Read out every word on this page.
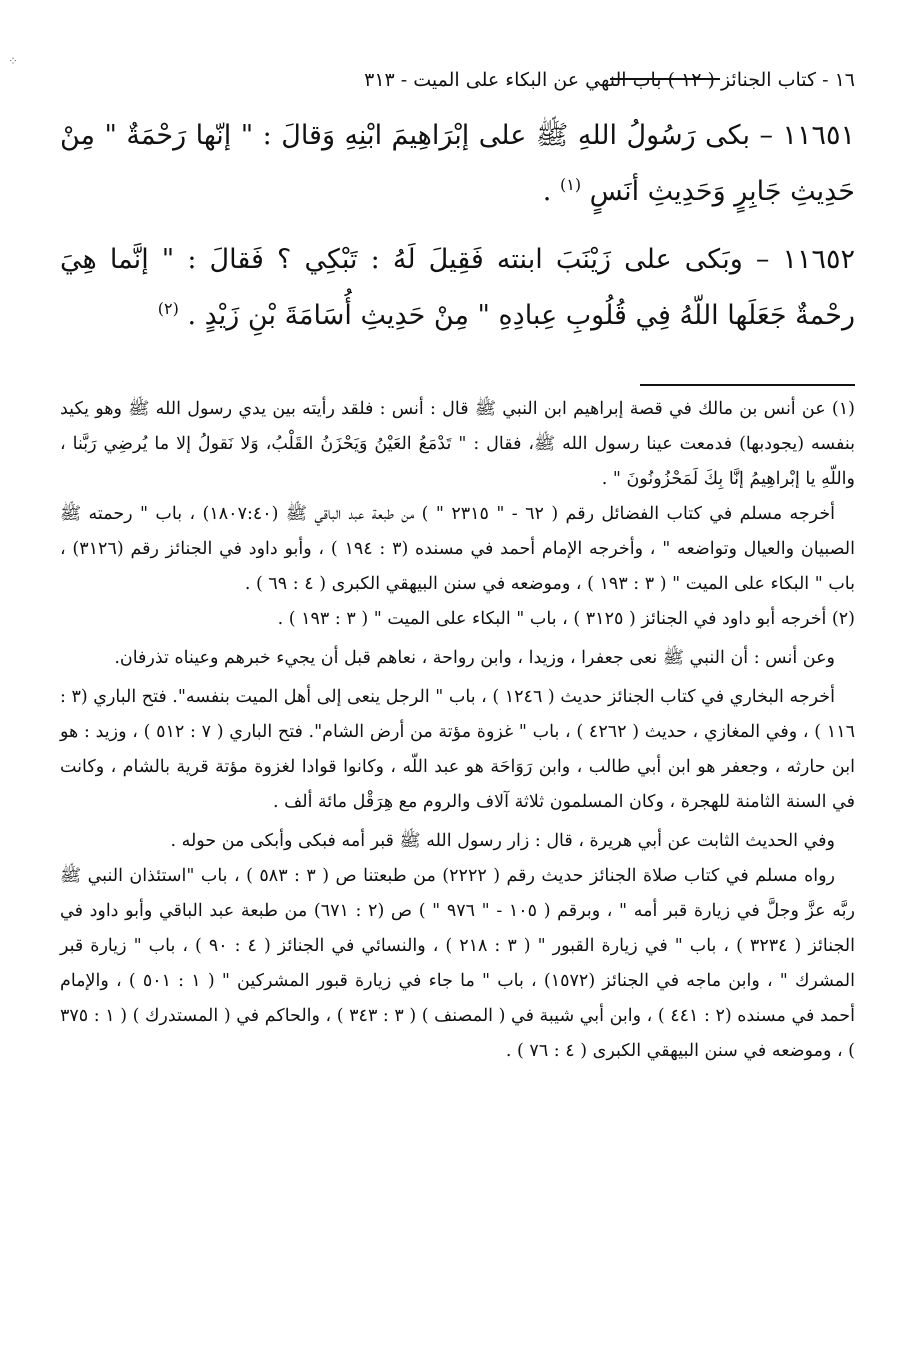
⁘
١٦ - كتاب الجنائز ( ١٢ ) باب النهي عن البكاء على الميت - ٣١٣

١١٦٥١ – بكى رَسُولُ اللهِ ﷺ على إبْرَاهِيمَ ابْنِهِ وَقالَ : " إنّها رَحْمَةٌ " مِنْ حَدِيثِ جَابِرٍ وَحَدِيثِ أنَسٍ $^{(١)}$ .

١١٦٥٢ – وبَكى على زَيْنَبَ ابنته فَقِيلَ لَهُ : تَبْكِي ؟ فَقالَ : " إنَّما هِيَ رحْمةٌ جَعَلَها اللّهُ فِي قُلُوبِ عِبادِهِ " مِنْ حَدِيثِ أُسَامَةَ بْنِ زَيْدٍ . $^{(٢)}$

(١) عن أنس بن مالك في قصة إبراهيم ابن النبي ﷺ قال : أنس : فلقد رأيته بين يدي رسول الله ﷺ وهو يكيد بنفسه (يجودبها) فدمعت عينا رسول الله ﷺ، فقال : " تَدْمَعُ العَيْنُ وَيَحْزَنُ القَلْبُ، وَلا نَقولُ إلا ما يُرضِي رَبَّنا ، واللّهِ يا إبْراهِيمُ إنَّا بِكَ لَمَحْزُونُونَ " .

أخرجه مسلم في كتاب الفضائل رقم ( ٦٢ - " ٢٣١٥ " ) من طبعة عبد الباقي ﷺ (١٨٠٧:٤٠) ، باب " رحمته ﷺ الصبيان والعيال وتواضعه " ، وأخرجه الإمام أحمد في مسنده (٣ : ١٩٤ ) ، وأبو داود في الجنائز رقم (٣١٢٦) ، باب " البكاء على الميت " ( ٣ : ١٩٣ ) ، وموضعه في سنن البيهقي الكبرى ( ٤ : ٦٩ ) .

(٢) أخرجه أبو داود في الجنائز ( ٣١٢٥ ) ، باب " البكاء على الميت " ( ٣ : ١٩٣ ) .

وعن أنس : أن النبي ﷺ نعى جعفرا ، وزيدا ، وابن رواحة ، نعاهم قبل أن يجيء خبرهم وعيناه تذرفان.

أخرجه البخاري في كتاب الجنائز حديث ( ١٢٤٦ ) ، باب " الرجل ينعى إلى أهل الميت بنفسه". فتح الباري (٣ : ١١٦ ) ، وفي المغازي ، حديث ( ٤٢٦٢ ) ، باب " غزوة مؤتة من أرض الشام". فتح الباري ( ٧ : ٥١٢ ) ، وزيد : هو ابن حارثه ، وجعفر هو ابن أبي طالب ، وابن رَوَاحَة هو عبد اللّه ، وكانوا قوادا لغزوة مؤتة قرية بالشام ، وكانت في السنة الثامنة للهجرة ، وكان المسلمون ثلاثة آلاف والروم مع هِرَقْل مائة ألف .

وفي الحديث الثابت عن أبي هريرة ، قال : زار رسول الله ﷺ قبر أمه فبكى وأبكى من حوله .

رواه مسلم في كتاب صلاة الجنائز حديث رقم ( ٢٢٢٢) من طبعتنا ص ( ٣ : ٥٨٣ ) ، باب "استئذان النبي ﷺ ربَّه عزَّ وجلَّ في زيارة قبر أمه " ، وبرقم ( ١٠٥ - " ٩٧٦ " ) ص (٢ : ٦٧١) من طبعة عبد الباقي وأبو داود في الجنائز ( ٣٢٣٤ ) ، باب " في زيارة القبور " ( ٣ : ٢١٨ ) ، والنسائي في الجنائز ( ٤ : ٩٠ ) ، باب " زيارة قبر المشرك " ، وابن ماجه في الجنائز (١٥٧٢) ، باب " ما جاء في زيارة قبور المشركين " ( ١ : ٥٠١ ) ، والإمام أحمد في مسنده (٢ : ٤٤١ ) ، وابن أبي شيبة في ( المصنف ) ( ٣ : ٣٤٣ ) ، والحاكم في ( المستدرك ) ( ١ : ٣٧٥ ) ، وموضعه في سنن البيهقي الكبرى ( ٤ : ٧٦ ) .
